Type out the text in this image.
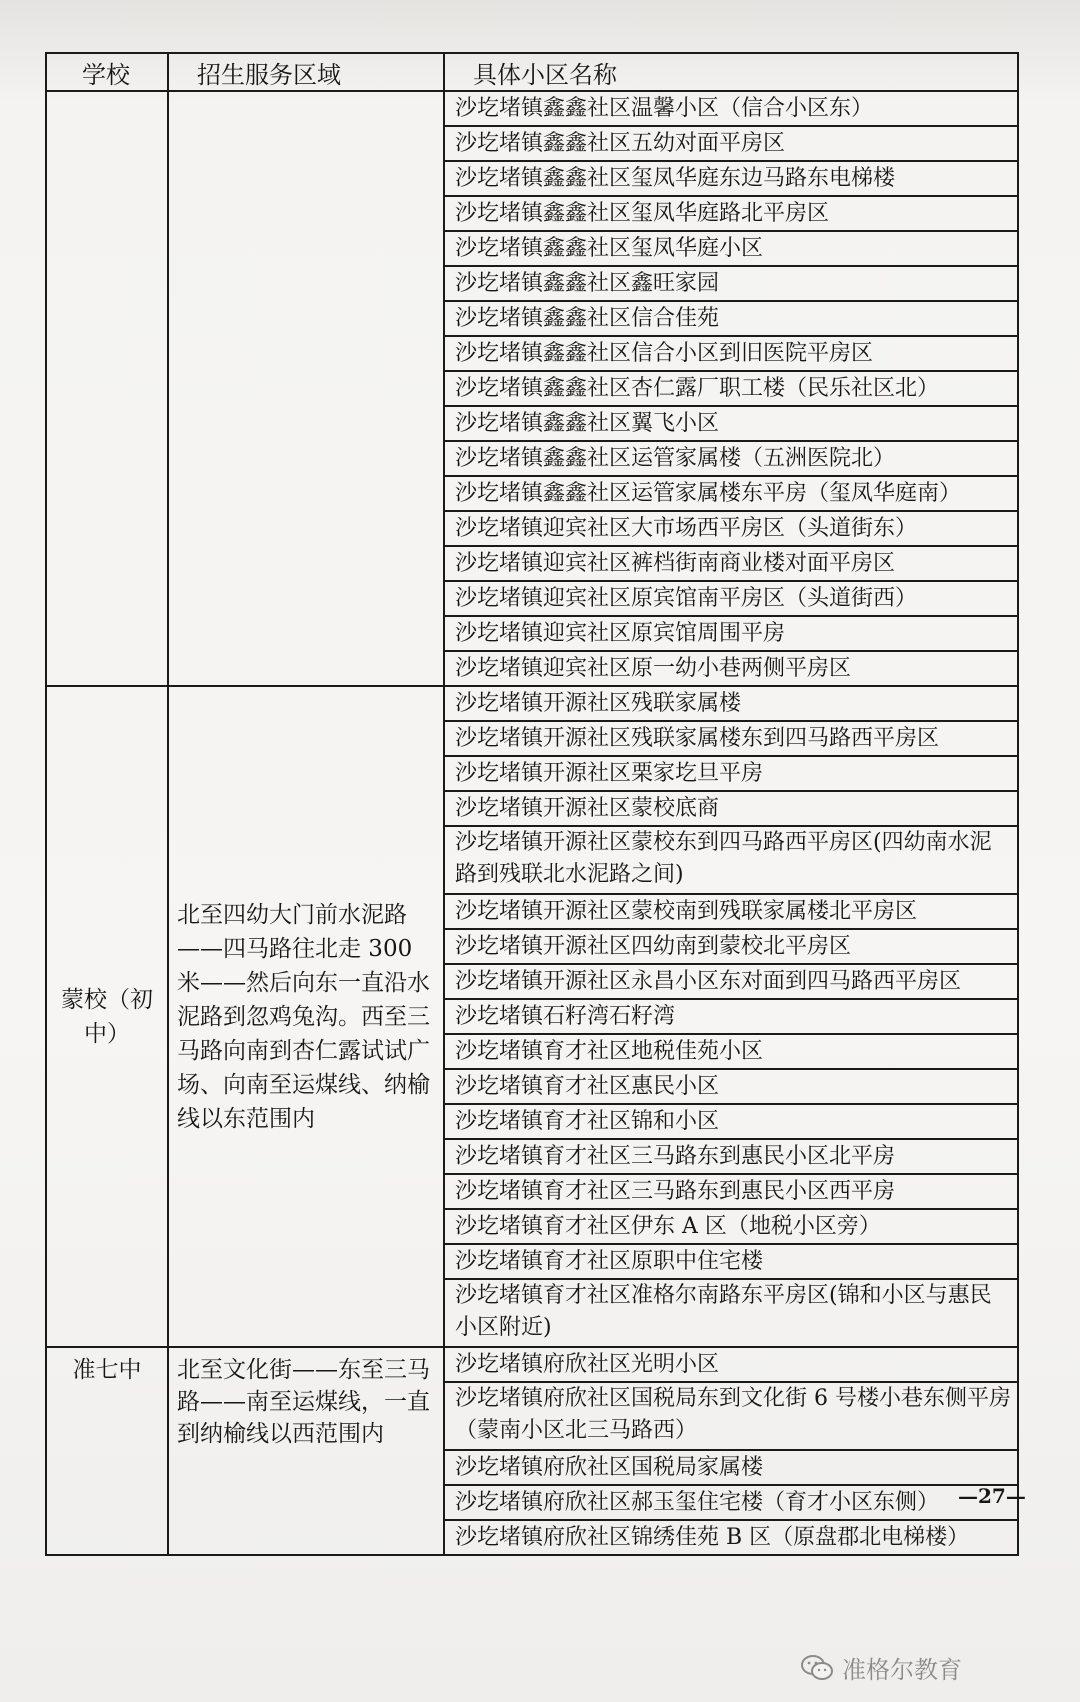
学校	招生服务区域	具体小区名称
		沙圪堵镇鑫鑫社区温馨小区（信合小区东）
		沙圪堵镇鑫鑫社区五幼对面平房区
		沙圪堵镇鑫鑫社区玺凤华庭东边马路东电梯楼
		沙圪堵镇鑫鑫社区玺凤华庭路北平房区
		沙圪堵镇鑫鑫社区玺凤华庭小区
		沙圪堵镇鑫鑫社区鑫旺家园
		沙圪堵镇鑫鑫社区信合佳苑
		沙圪堵镇鑫鑫社区信合小区到旧医院平房区
		沙圪堵镇鑫鑫社区杏仁露厂职工楼（民乐社区北）
		沙圪堵镇鑫鑫社区翼飞小区
		沙圪堵镇鑫鑫社区运管家属楼（五洲医院北）
		沙圪堵镇鑫鑫社区运管家属楼东平房（玺凤华庭南）
		沙圪堵镇迎宾社区大市场西平房区（头道街东）
		沙圪堵镇迎宾社区裤档街南商业楼对面平房区
		沙圪堵镇迎宾社区原宾馆南平房区（头道街西）
		沙圪堵镇迎宾社区原宾馆周围平房
		沙圪堵镇迎宾社区原一幼小巷两侧平房区
蒙校（初中）	北至四幼大门前水泥路——四马路往北走 300 米——然后向东一直沿水泥路到忽鸡兔沟。西至三马路向南到杏仁露试试广场、向南至运煤线、纳榆线以东范围内	沙圪堵镇开源社区残联家属楼
		沙圪堵镇开源社区残联家属楼东到四马路西平房区
		沙圪堵镇开源社区栗家圪旦平房
		沙圪堵镇开源社区蒙校底商
		沙圪堵镇开源社区蒙校东到四马路西平房区(四幼南水泥路到残联北水泥路之间)
		沙圪堵镇开源社区蒙校南到残联家属楼北平房区
		沙圪堵镇开源社区四幼南到蒙校北平房区
		沙圪堵镇开源社区永昌小区东对面到四马路西平房区
		沙圪堵镇石籽湾石籽湾
		沙圪堵镇育才社区地税佳苑小区
		沙圪堵镇育才社区惠民小区
		沙圪堵镇育才社区锦和小区
		沙圪堵镇育才社区三马路东到惠民小区北平房
		沙圪堵镇育才社区三马路东到惠民小区西平房
		沙圪堵镇育才社区伊东 A 区（地税小区旁）
		沙圪堵镇育才社区原职中住宅楼
		沙圪堵镇育才社区准格尔南路东平房区(锦和小区与惠民小区附近)
准七中	北至文化街——东至三马路——南至运煤线，一直到纳榆线以西范围内	沙圪堵镇府欣社区光明小区
		沙圪堵镇府欣社区国税局东到文化街 6 号楼小巷东侧平房（蒙南小区北三马路西）
		沙圪堵镇府欣社区国税局家属楼
		沙圪堵镇府欣社区郝玉玺住宅楼（育才小区东侧）
		沙圪堵镇府欣社区锦绣佳苑 B 区（原盘郡北电梯楼）
—27—
准格尔教育
